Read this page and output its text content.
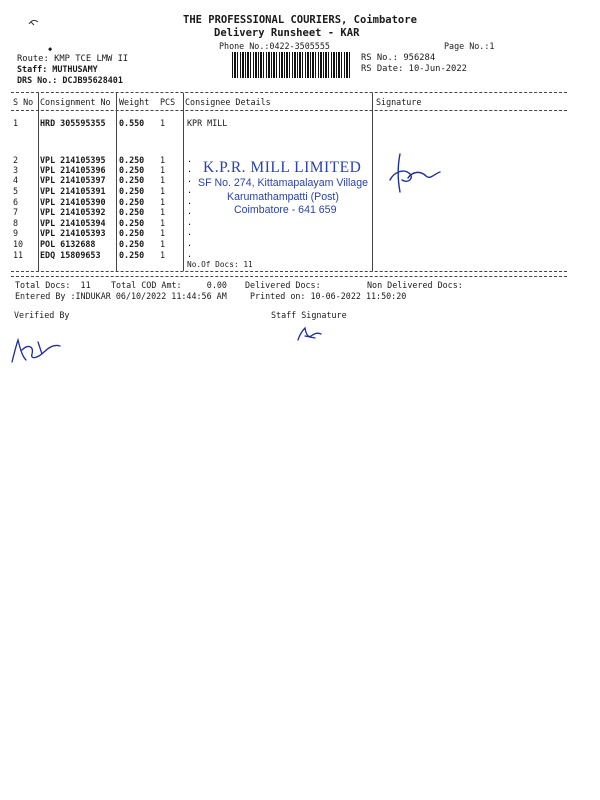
◆
THE PROFESSIONAL COURIERS, Coimbatore
Delivery Runsheet - KAR
Phone No.:0422-3505555	Page No.:1
Route: KMP TCE LMW II
Staff: MUTHUSAMY
DRS No.: DCJB95628401
RS No.: 956284
RS Date: 10-Jun-2022
S No Consignment No Weight PCS Consignee Details	Signature
1	HRD 305595355 0.550 1	KPR MILL
2	VPL 214105395 0.250 1	.
3	VPL 214105396 0.250 1	.
4	VPL 214105397 0.250 1	.
5	VPL 214105391 0.250 1	.
6	VPL 214105390 0.250 1	.
7	VPL 214105392 0.250 1	.
8	VPL 214105394 0.250 1	.
9	VPL 214105393 0.250 1	.
10 POL 6132688	0.250 1	.
11 EDQ 15809653 0.250 1	.
No.Of Docs: 11
K.P.R. MILL LIMITED
SF No. 274, Kittamapalayam Village
Karumathampatti (Post)
Coimbatore - 641 659
Total Docs:  11 Total COD Amt:     0.00 Delivered Docs:	Non Delivered Docs:
Entered By :INDUKAR 06/10/2022 11:44:56 AM	Printed on: 10-06-2022 11:50:20
Verified By	Staff Signature
